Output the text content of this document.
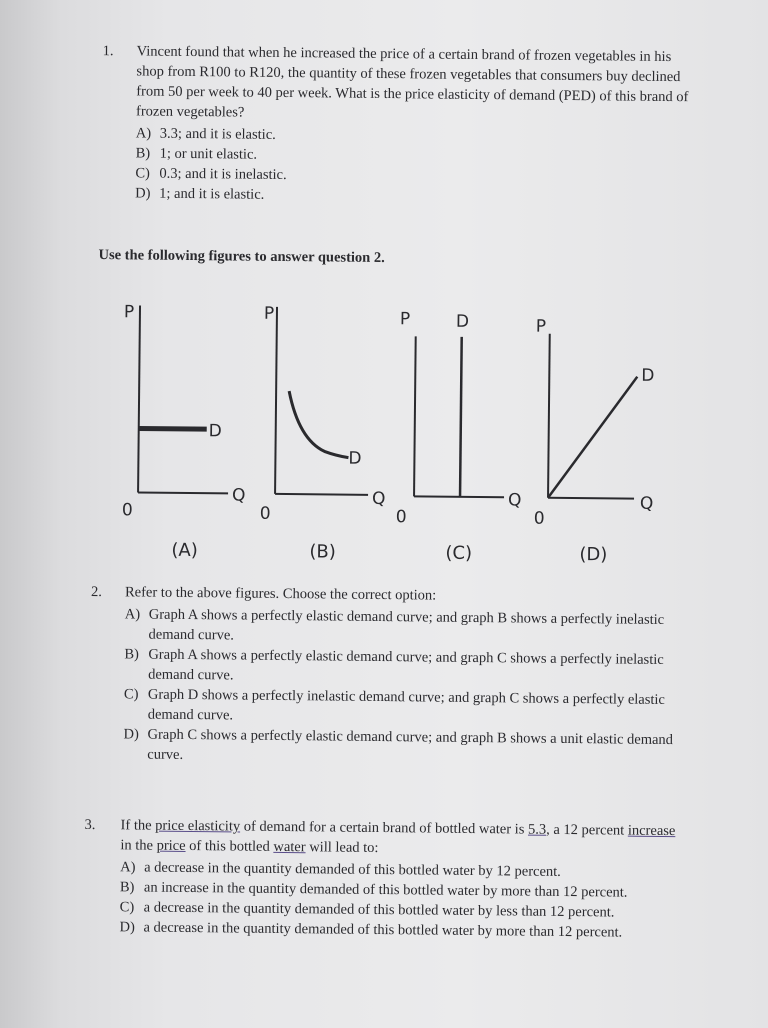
1. Vincent found that when he increased the price of a certain brand of frozen vegetables in his shop from R100 to R120, the quantity of these frozen vegetables that consumers buy declined from 50 per week to 40 per week. What is the price elasticity of demand (PED) of this brand of frozen vegetables?
A) 3.3; and it is elastic.
B) 1; or unit elastic.
C) 0.3; and it is inelastic.
D) 1; and it is elastic.
Use the following figures to answer question 2.
P
D
Q
0
(A)
P
D
Q
0
(B)
P	D
Q
0
(C)
P
D
Q
0
(D)
2. Refer to the above figures. Choose the correct option:
A) Graph A shows a perfectly elastic demand curve; and graph B shows a perfectly inelastic demand curve.
B) Graph A shows a perfectly elastic demand curve; and graph C shows a perfectly inelastic demand curve.
C) Graph D shows a perfectly inelastic demand curve; and graph C shows a perfectly elastic demand curve.
D) Graph C shows a perfectly elastic demand curve; and graph B shows a unit elastic demand curve.
3. If the price elasticity of demand for a certain brand of bottled water is 5.3, a 12 percent increase in the price of this bottled water will lead to:
A) a decrease in the quantity demanded of this bottled water by 12 percent.
B) an increase in the quantity demanded of this bottled water by more than 12 percent.
C) a decrease in the quantity demanded of this bottled water by less than 12 percent.
D) a decrease in the quantity demanded of this bottled water by more than 12 percent.
